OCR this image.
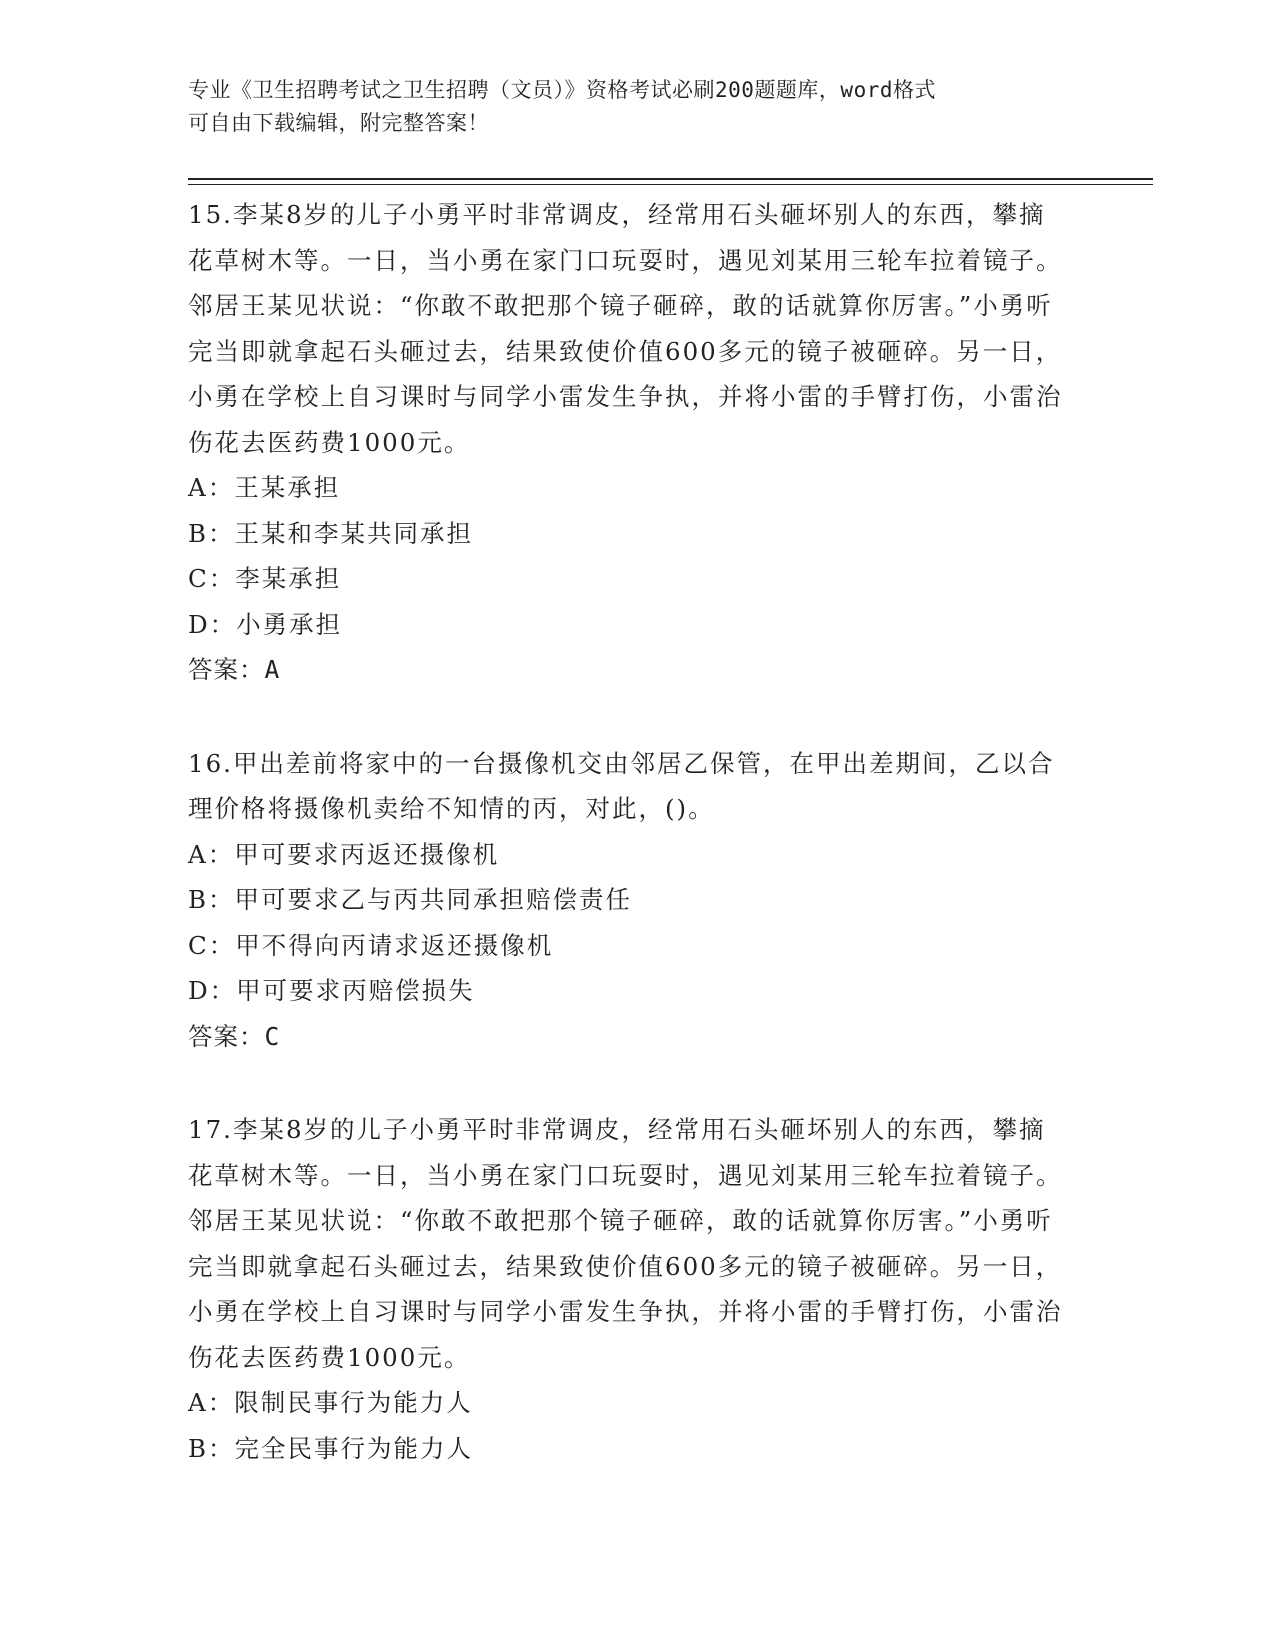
专业《卫生招聘考试之卫生招聘（文员）》资格考试必刷200题题库，word格式
可自由下载编辑，附完整答案！

15.李某8岁的儿子小勇平时非常调皮，经常用石头砸坏别人的东西，攀摘花草树木等。一日，当小勇在家门口玩耍时，遇见刘某用三轮车拉着镜子。邻居王某见状说：“你敢不敢把那个镜子砸碎，敢的话就算你厉害。”小勇听完当即就拿起石头砸过去，结果致使价值600多元的镜子被砸碎。另一日，小勇在学校上自习课时与同学小雷发生争执，并将小雷的手臂打伤，小雷治伤花去医药费1000元。

A：王某承担

B：王某和李某共同承担

C：李某承担

D：小勇承担

答案：A

16.甲出差前将家中的一台摄像机交由邻居乙保管，在甲出差期间，乙以合理价格将摄像机卖给不知情的丙，对此，()。

A：甲可要求丙返还摄像机

B：甲可要求乙与丙共同承担赔偿责任

C：甲不得向丙请求返还摄像机

D：甲可要求丙赔偿损失

答案：C

17.李某8岁的儿子小勇平时非常调皮，经常用石头砸坏别人的东西，攀摘花草树木等。一日，当小勇在家门口玩耍时，遇见刘某用三轮车拉着镜子。邻居王某见状说：“你敢不敢把那个镜子砸碎，敢的话就算你厉害。”小勇听完当即就拿起石头砸过去，结果致使价值600多元的镜子被砸碎。另一日，小勇在学校上自习课时与同学小雷发生争执，并将小雷的手臂打伤，小雷治伤花去医药费1000元。

A：限制民事行为能力人

B：完全民事行为能力人
